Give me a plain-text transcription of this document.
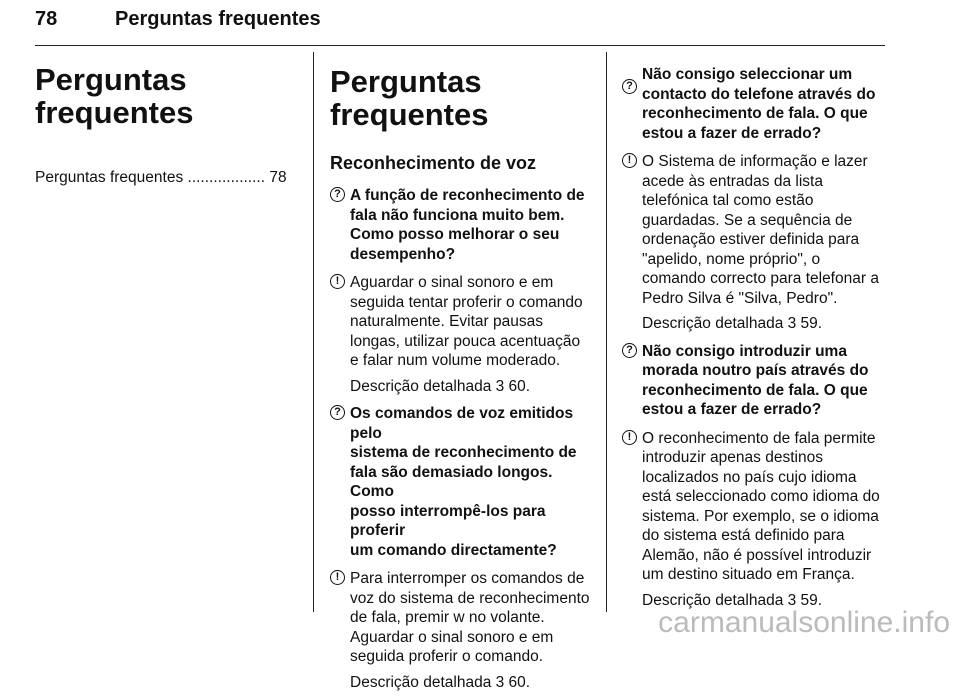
78	Perguntas frequentes
Perguntas
frequentes
Perguntas frequentes .................. 78
Perguntas frequentes
Reconhecimento de voz
? A função de reconhecimento de
fala não funciona muito bem.
Como posso melhorar o seu
desempenho?
! Aguardar o sinal sonoro e em
seguida tentar proferir o comando
naturalmente. Evitar pausas
longas, utilizar pouca acentuação
e falar num volume moderado.
Descrição detalhada 3 60.
? Os comandos de voz emitidos pelo
sistema de reconhecimento de
fala são demasiado longos. Como
posso interrompê-los para proferir
um comando directamente?
! Para interromper os comandos de
voz do sistema de reconhecimento
de fala, premir w no volante.
Aguardar o sinal sonoro e em
seguida proferir o comando.
Descrição detalhada 3 60.
?
Não consigo seleccionar um
contacto do telefone através do
reconhecimento de fala. O que
estou a fazer de errado?
! O Sistema de informação e lazer
acede às entradas da lista
telefónica tal como estão
guardadas. Se a sequência de
ordenação estiver definida para
"apelido, nome próprio", o
comando correcto para telefonar a
Pedro Silva é "Silva, Pedro".
Descrição detalhada 3 59.
? Não consigo introduzir uma
morada noutro país através do
reconhecimento de fala. O que
estou a fazer de errado?
! O reconhecimento de fala permite
introduzir apenas destinos
localizados no país cujo idioma
está seleccionado como idioma do
sistema. Por exemplo, se o idioma
do sistema está definido para
Alemão, não é possível introduzir
um destino situado em França.
Descrição detalhada 3 59.
carmanualsonline.info
